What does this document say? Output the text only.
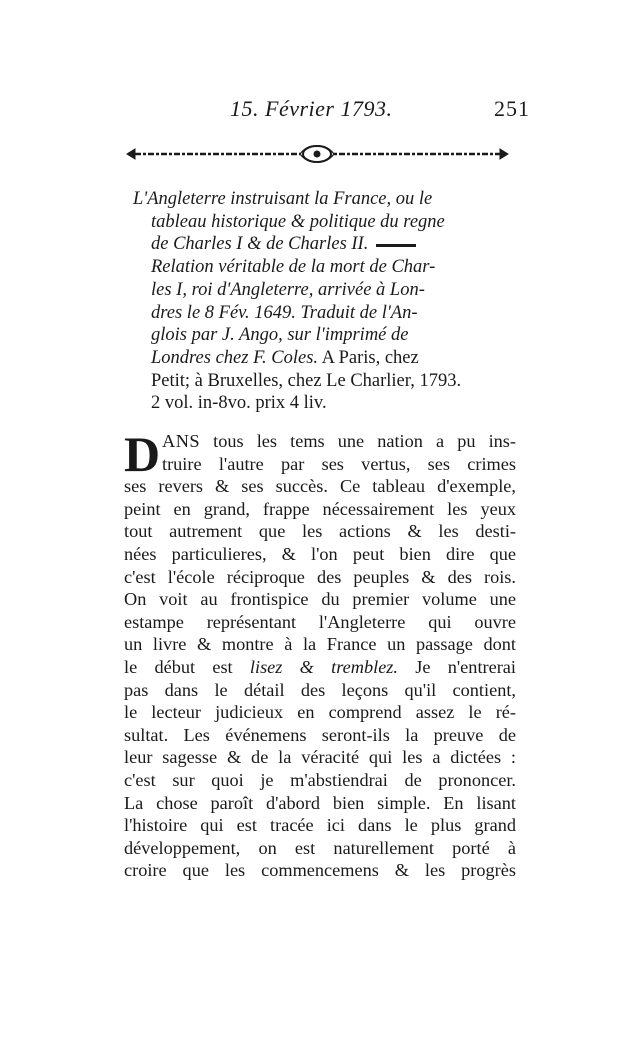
15. Février 1793.	251
L'Angleterre instruisant la France, ou le
tableau historique & politique du regne
de Charles I & de Charles II.
Relation véritable de la mort de Char-
les I, roi d'Angleterre, arrivée à Lon-
dres le 8 Fév. 1649. Traduit de l'An-
glois par J. Ango, sur l'imprimé de
Londres chez F. Coles. A Paris, chez
Petit; à Bruxelles, chez Le Charlier, 1793.
2 vol. in-8vo. prix 4 liv.
D ANS tous les tems une nation a pu ins-
truire l'autre par ses vertus, ses crimes
ses revers & ses succès. Ce tableau d'exemple,
peint en grand, frappe nécessairement les yeux
tout autrement que les actions & les desti-
nées particulieres, & l'on peut bien dire que
c'est l'école réciproque des peuples & des rois.
On voit au frontispice du premier volume une
estampe représentant l'Angleterre qui ouvre
un livre & montre à la France un passage dont
le début est lisez & tremblez. Je n'entrerai
pas dans le détail des leçons qu'il contient,
le lecteur judicieux en comprend assez le ré-
sultat. Les événemens seront-ils la preuve de
leur sagesse & de la véracité qui les a dictées :
c'est sur quoi je m'abstiendrai de prononcer.
La chose paroît d'abord bien simple. En lisant
l'histoire qui est tracée ici dans le plus grand
développement, on est naturellement porté à
croire que les commencemens & les progrès
